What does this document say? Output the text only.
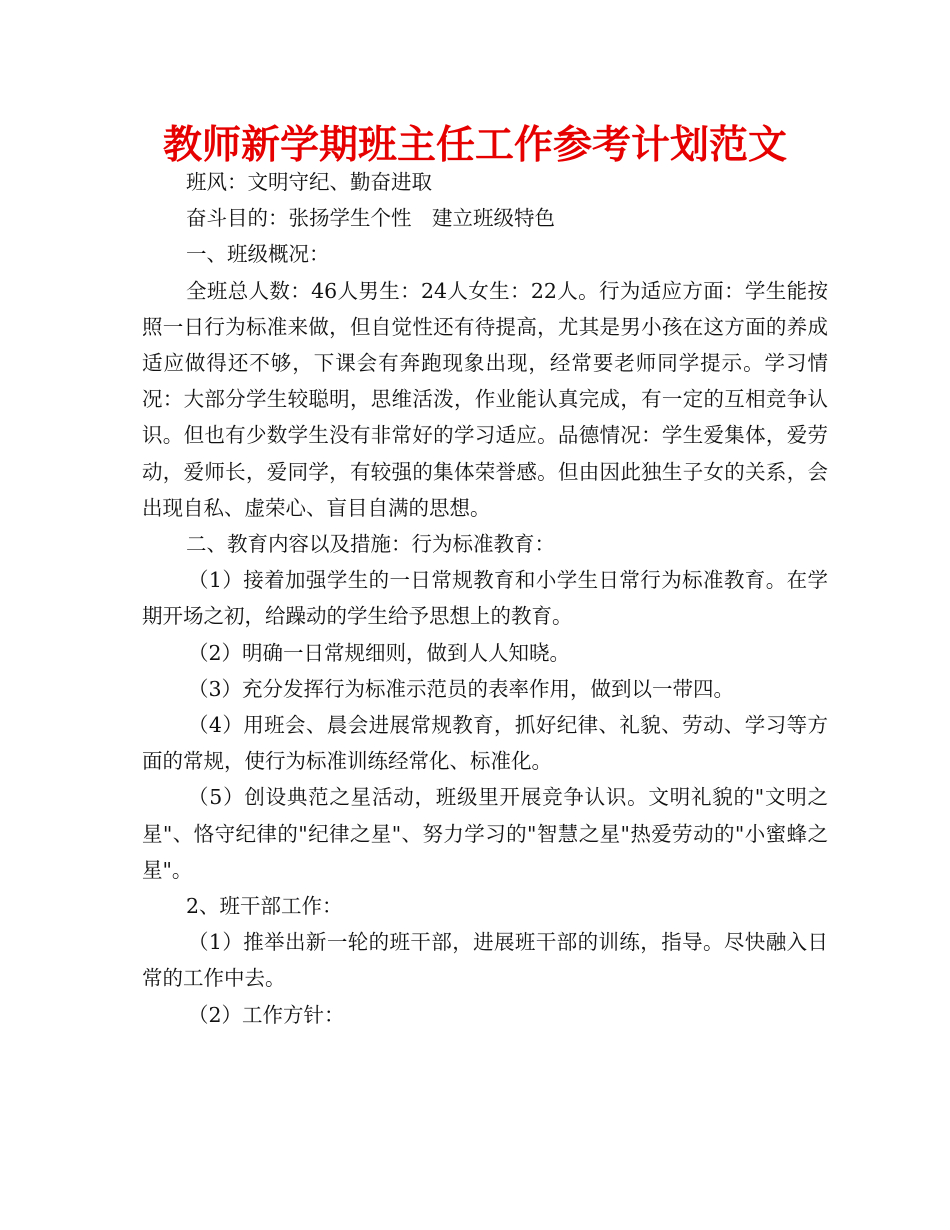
教师新学期班主任工作参考计划范文

班风：文明守纪、勤奋进取

奋斗目的：张扬学生个性　建立班级特色

一、班级概况：

全班总人数：46人男生：24人女生：22人。行为适应方面：学生能按照一日行为标准来做，但自觉性还有待提高，尤其是男小孩在这方面的养成适应做得还不够，下课会有奔跑现象出现，经常要老师同学提示。学习情况：大部分学生较聪明，思维活泼，作业能认真完成，有一定的互相竞争认识。但也有少数学生没有非常好的学习适应。品德情况：学生爱集体，爱劳动，爱师长，爱同学，有较强的集体荣誉感。但由因此独生子女的关系，会出现自私、虚荣心、盲目自满的思想。

二、教育内容以及措施：行为标准教育：

（1）接着加强学生的一日常规教育和小学生日常行为标准教育。在学期开场之初，给躁动的学生给予思想上的教育。

（2）明确一日常规细则，做到人人知晓。

（3）充分发挥行为标准示范员的表率作用，做到以一带四。

（4）用班会、晨会进展常规教育，抓好纪律、礼貌、劳动、学习等方面的常规，使行为标准训练经常化、标准化。

（5）创设典范之星活动，班级里开展竞争认识。文明礼貌的"文明之星"、恪守纪律的"纪律之星"、努力学习的"智慧之星"热爱劳动的"小蜜蜂之星"。

2、班干部工作：

（1）推举出新一轮的班干部，进展班干部的训练，指导。尽快融入日常的工作中去。

（2）工作方针：
